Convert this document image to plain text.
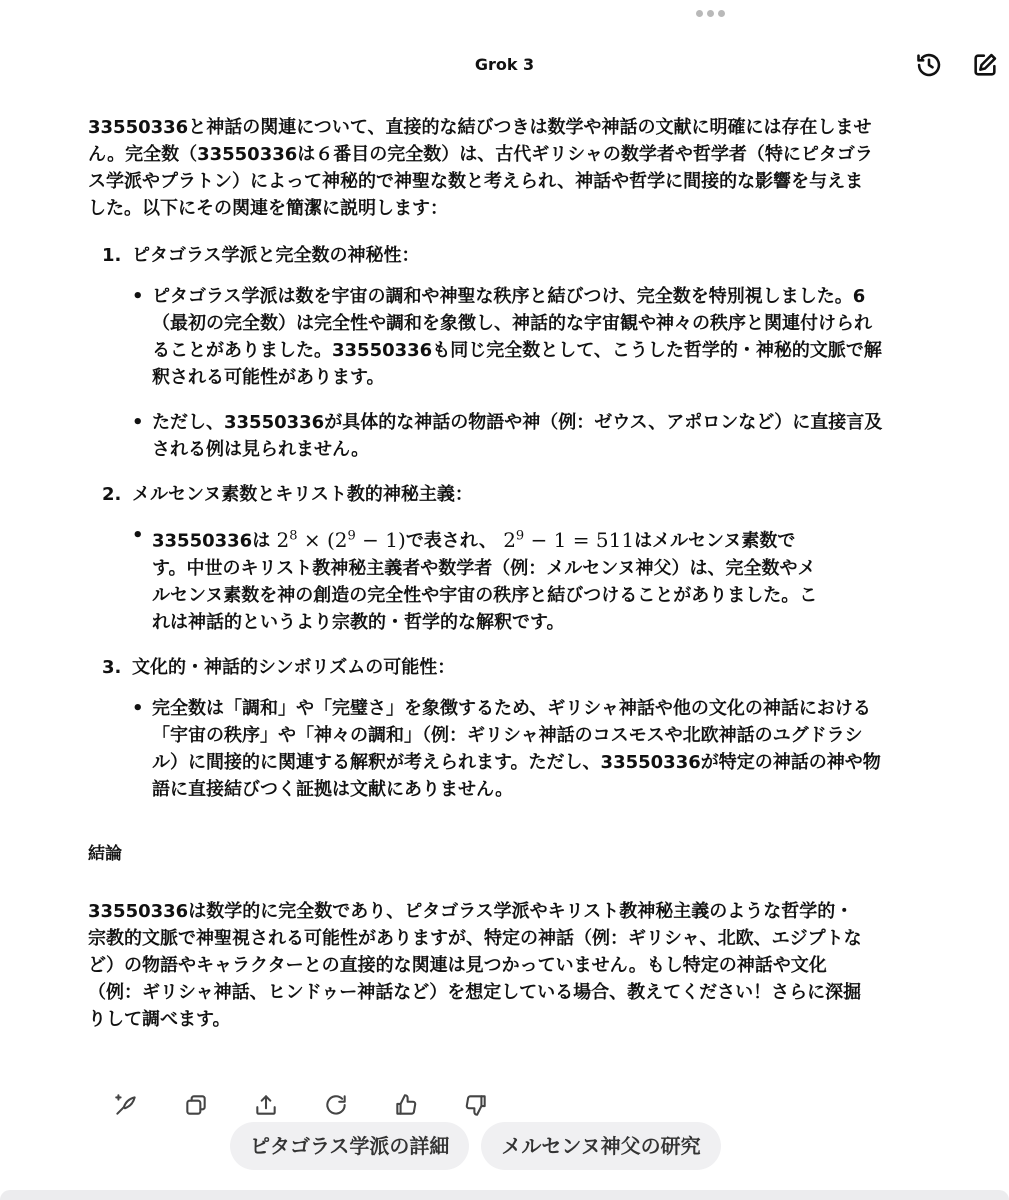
Grok 3

33550336と神話の関連について、直接的な結びつきは数学や神話の文献に明確には存在しません。完全数（33550336は６番目の完全数）は、古代ギリシャの数学者や哲学者（特にピタゴラス学派やプラトン）によって神秘的で神聖な数と考えられ、神話や哲学に間接的な影響を与えました。以下にその関連を簡潔に説明します：

1. ピタゴラス学派と完全数の神秘性：
• ピタゴラス学派は数を宇宙の調和や神聖な秩序と結びつけ、完全数を特別視しました。6（最初の完全数）は完全性や調和を象徴し、神話的な宇宙観や神々の秩序と関連付けられることがありました。33550336も同じ完全数として、こうした哲学的・神秘的文脈で解釈される可能性があります。
• ただし、33550336が具体的な神話の物語や神（例：ゼウス、アポロンなど）に直接言及される例は見られません。
2. メルセンヌ素数とキリスト教的神秘主義：
• 33550336は $2^8 \times (2^9 - 1)$で表され、 $2^9 - 1 = 511$はメルセンヌ素数です。中世のキリスト教神秘主義者や数学者（例：メルセンヌ神父）は、完全数やメルセンヌ素数を神の創造の完全性や宇宙の秩序と結びつけることがありました。これは神話的というより宗教的・哲学的な解釈です。
3. 文化的・神話的シンボリズムの可能性：
• 完全数は「調和」や「完璧さ」を象徴するため、ギリシャ神話や他の文化の神話における「宇宙の秩序」や「神々の調和」（例：ギリシャ神話のコスモスや北欧神話のユグドラシル）に間接的に関連する解釈が考えられます。ただし、33550336が特定の神話の神や物語に直接結びつく証拠は文献にありません。

結論

33550336は数学的に完全数であり、ピタゴラス学派やキリスト教神秘主義のような哲学的・宗教的文脈で神聖視される可能性がありますが、特定の神話（例：ギリシャ、北欧、エジプトなど）の物語やキャラクターとの直接的な関連は見つかっていません。もし特定の神話や文化（例：ギリシャ神話、ヒンドゥー神話など）を想定している場合、教えてください！さらに深掘りして調べます。

ピタゴラス学派の詳細	メルセンヌ神父の研究
